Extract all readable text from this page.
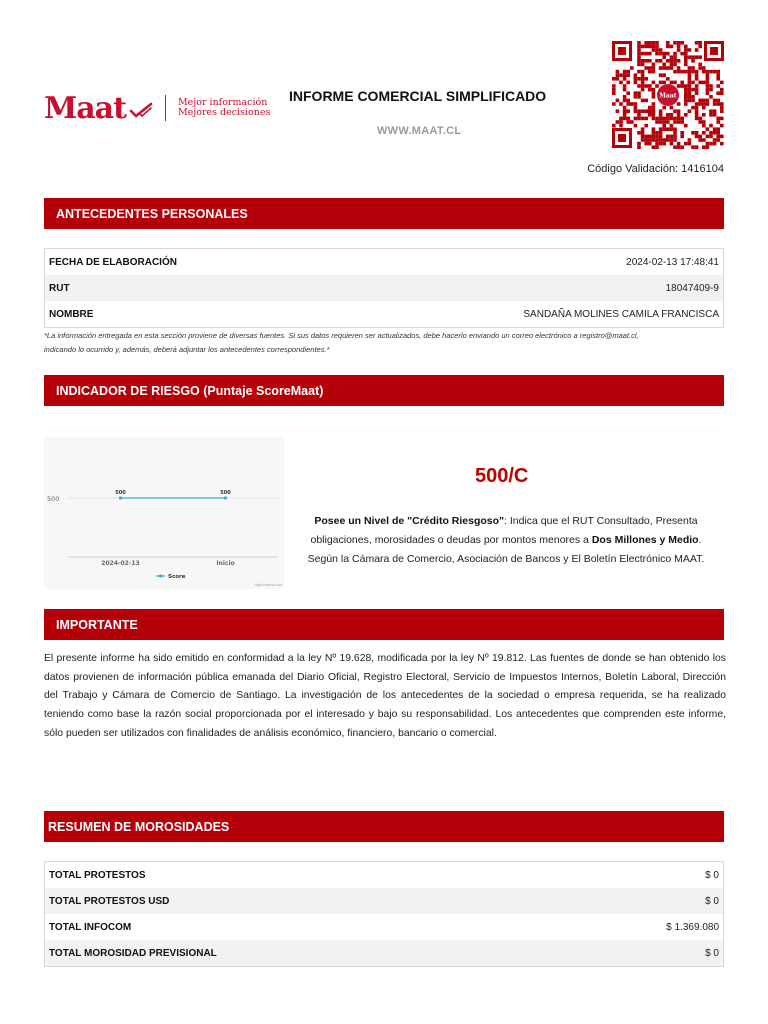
Maat	Mejor información
Mejores decisiones
INFORME COMERCIAL SIMPLIFICADO
WWW.MAAT.CL
Maat
Código Validación: 1416104
ANTECEDENTES PERSONALES
FECHA DE ELABORACIÓN	2024-02-13 17:48:41
RUT	18047409-9
NOMBRE	SANDAÑA MOLINES CAMILA FRANCISCA
*La información entregada en esta sección proviene de diversas fuentes. Si sus datos requieren ser actualizados, debe hacerlo enviando un correo electrónico a registro@maat.cl,
indicando lo ocurrido y, además, deberá adjuntar los antecedentes correspondientes.*
INDICADOR DE RIESGO (Puntaje ScoreMaat)
500
500
2024-02-13
500
Inicio
Score
Highcharts.com
500/C
Posee un Nivel de "Crédito Riesgoso": Indica que el RUT Consultado, Presenta
obligaciones, morosidades o deudas por montos menores a Dos Millones y Medio.
Según la Cámara de Comercio, Asociación de Bancos y El Boletín Electrónico MAAT.
IMPORTANTE
El presente informe ha sido emitido en conformidad a la ley Nº 19.628, modificada por la ley Nº 19.812. Las fuentes de donde se han obtenido los datos provienen de información pública emanada del Diario Oficial, Registro Electoral, Servicio de Impuestos Internos, Boletín Laboral, Dirección del Trabajo y Cámara de Comercio de Santiago. La investigación de los antecedentes de la sociedad o empresa requerida, se ha realizado teniendo como base la razón social proporcionada por el interesado y bajo su responsabilidad. Los antecedentes que comprenden este informe, sólo pueden ser utilizados con finalidades de análisis económico, financiero, bancario o comercial.
RESUMEN DE MOROSIDADES
TOTAL PROTESTOS	$ 0
TOTAL PROTESTOS USD	$ 0
TOTAL INFOCOM	$ 1.369.080
TOTAL MOROSIDAD PREVISIONAL	$ 0
